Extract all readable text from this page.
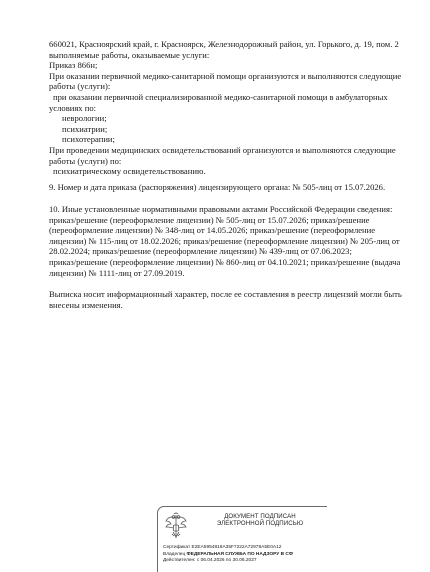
660021, Красноярский край, г. Красноярск, Железнодорожный район, ул. Горького, д. 19, пом. 2
выполняемые работы, оказываемые услуги:
Приказ 866н;
При оказании первичной медико-санитарной помощи организуются и выполняются следующие
работы (услуги):
при оказании первичной специализированной медико-санитарной помощи в амбулаторных
условиях по:
неврологии;
психиатрии;
психотерапии;
При проведении медицинских освидетельствований организуются и выполняются следующие
работы (услуги) по:
психиатрическому освидетельствованию.
9. Номер и дата приказа (распоряжения) лицензирующего органа: № 505-лиц от 15.07.2026.
10. Иные установленные нормативными правовыми актами Российской Федерации сведения:
приказ/решение (переоформление лицензии) № 505-лиц от 15.07.2026; приказ/решение
(переоформление лицензии) № 348-лиц от 14.05.2026; приказ/решение (переоформление
лицензии) № 115-лиц от 18.02.2026; приказ/решение (переоформление лицензии) № 205-лиц от
28.02.2024; приказ/решение (переоформление лицензии) № 439-лиц от 07.06.2023;
приказ/решение (переоформление лицензии) № 860-лиц от 04.10.2021; приказ/решение (выдача
лицензии) № 1111-лиц от 27.09.2019.
Выписка носит информационный характер, после ее составления в реестр лицензий могли быть
внесены изменения.
ДОКУМЕНТ ПОДПИСАН
ЭЛЕКТРОННОЙ ПОДПИСЬЮ
Сертификат E2EA5954818A35F7222A72978A5E0A12
Владелец ФЕДЕРАЛЬНАЯ СЛУЖБА ПО НАДЗОРУ В СФ
Действителен: с 06.04.2026 по 30.06.2027
